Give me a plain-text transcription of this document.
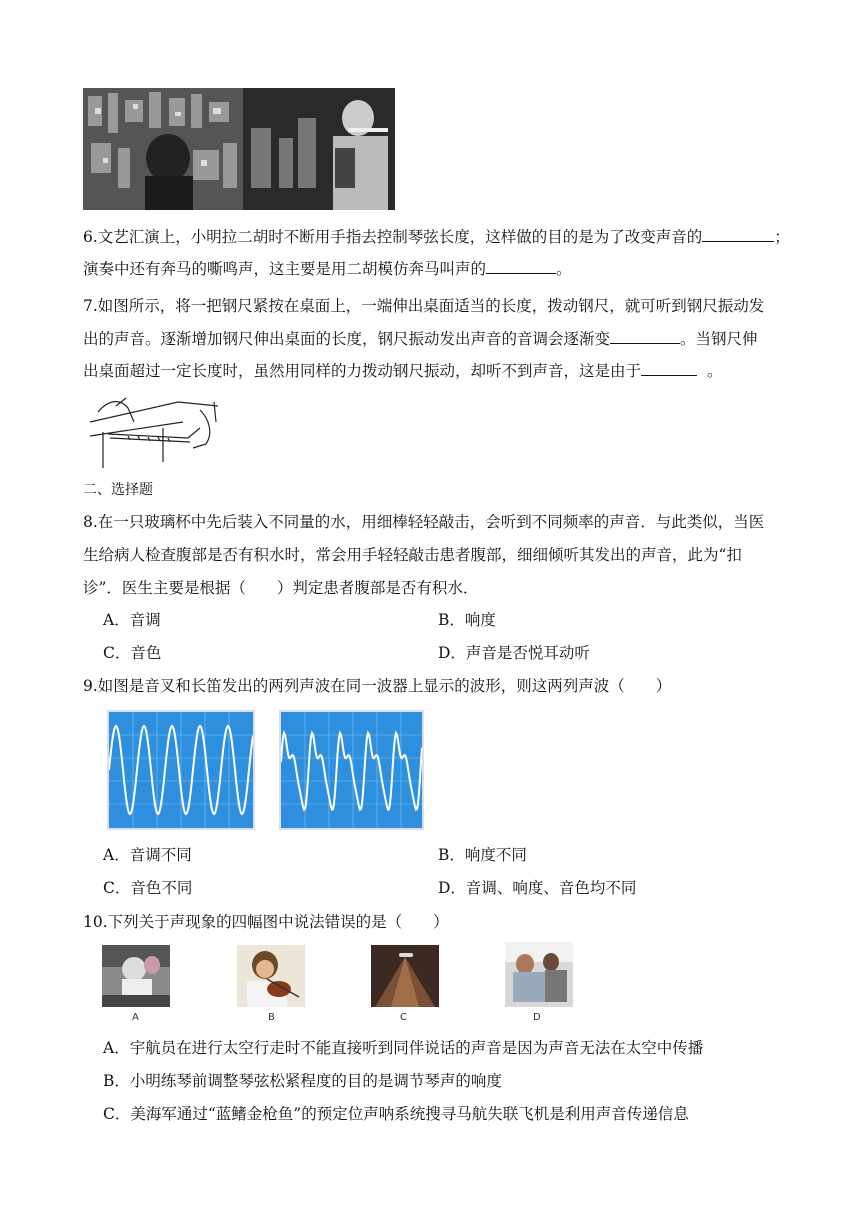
6.文艺汇演上，小明拉二胡时不断用手指去控制琴弦长度，这样做的目的是为了改变声音的	；
演奏中还有奔马的嘶鸣声，这主要是用二胡模仿奔马叫声的	。
7.如图所示，将一把钢尺紧按在桌面上，一端伸出桌面适当的长度，拨动钢尺，就可听到钢尺振动发
出的声音。逐渐增加钢尺伸出桌面的长度，钢尺振动发出声音的音调会逐渐变	。当钢尺伸
出桌面超过一定长度时，虽然用同样的力拨动钢尺振动，却听不到声音，这是由于	。
二、选择题
8.在一只玻璃杯中先后装入不同量的水，用细棒轻轻敲击，会听到不同频率的声音．与此类似，当医
生给病人检查腹部是否有积水时，常会用手轻轻敲击患者腹部，细细倾听其发出的声音，此为“扣
诊”．医生主要是根据（　　）判定患者腹部是否有积水．
A．音调	B．响度
C．音色	D．声音是否悦耳动听
9.如图是音叉和长笛发出的两列声波在同一波器上显示的波形，则这两列声波（　　）
A．音调不同	B．响度不同
C．音色不同	D．音调、响度、音色均不同
10.下列关于声现象的四幅图中说法错误的是（　　）
A	B	C	D
A．宇航员在进行太空行走时不能直接听到同伴说话的声音是因为声音无法在太空中传播
B．小明练琴前调整琴弦松紧程度的目的是调节琴声的响度
C．美海军通过“蓝鳍金枪鱼”的预定位声呐系统搜寻马航失联飞机是利用声音传递信息
